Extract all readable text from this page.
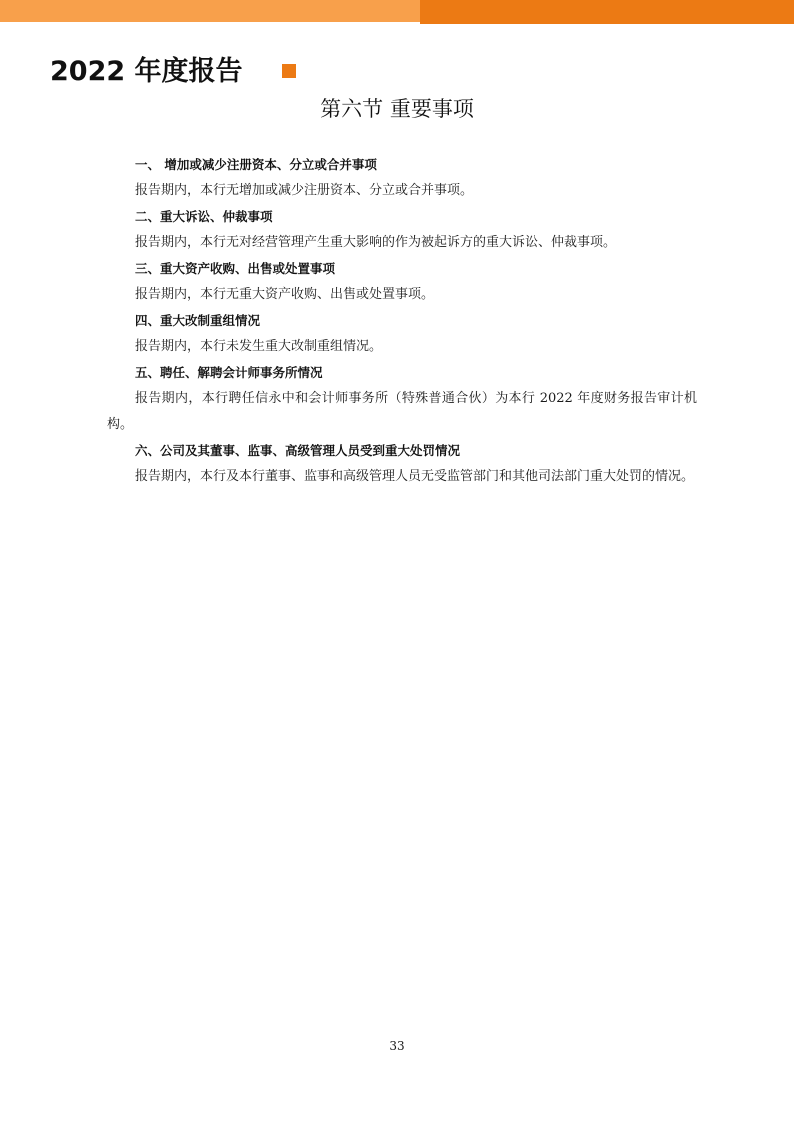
2022 年度报告
第六节 重要事项

一、 增加或减少注册资本、分立或合并事项

报告期内，本行无增加或减少注册资本、分立或合并事项。

二、重大诉讼、仲裁事项

报告期内，本行无对经营管理产生重大影响的作为被起诉方的重大诉讼、仲裁事项。

三、重大资产收购、出售或处置事项

报告期内，本行无重大资产收购、出售或处置事项。

四、重大改制重组情况

报告期内，本行未发生重大改制重组情况。

五、聘任、解聘会计师事务所情况

报告期内，本行聘任信永中和会计师事务所（特殊普通合伙）为本行 2022 年度财务报告审计机构。

六、公司及其董事、监事、高级管理人员受到重大处罚情况

报告期内，本行及本行董事、监事和高级管理人员无受监管部门和其他司法部门重大处罚的情况。

33
